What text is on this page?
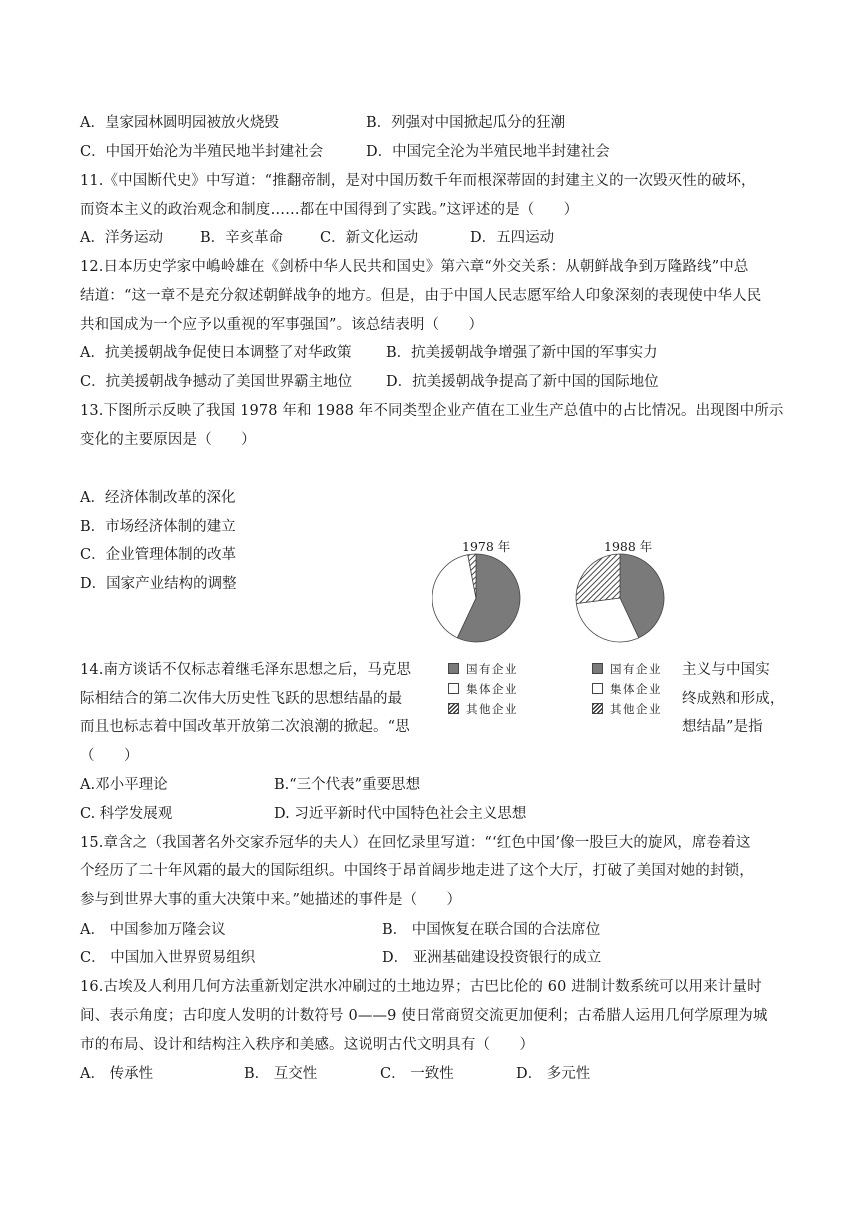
A．皇家园林圆明园被放火烧毁	B．列强对中国掀起瓜分的狂潮
C．中国开始沦为半殖民地半封建社会	D．中国完全沦为半殖民地半封建社会
11.《中国断代史》中写道：“推翻帝制，是对中国历数千年而根深蒂固的封建主义的一次毁灭性的破坏，
而资本主义的政治观念和制度……都在中国得到了实践。”这评述的是（　　）
A．洋务运动	B．辛亥革命	C．新文化运动	D．五四运动
12.日本历史学家中嶋岭雄在《剑桥中华人民共和国史》第六章“外交关系：从朝鲜战争到万隆路线”中总
结道：“这一章不是充分叙述朝鲜战争的地方。但是，由于中国人民志愿军给人印象深刻的表现使中华人民
共和国成为一个应予以重视的军事强国”。该总结表明（　　）
A．抗美援朝战争促使日本调整了对华政策 B．抗美援朝战争增强了新中国的军事实力
C．抗美援朝战争撼动了美国世界霸主地位 D．抗美援朝战争提高了新中国的国际地位
13.下图所示反映了我国 1978 年和 1988 年不同类型企业产值在工业生产总值中的占比情况。出现图中所示
变化的主要原因是（　　）
A．经济体制改革的深化
B．市场经济体制的建立
C．企业管理体制的改革
D．国家产业结构的调整
1978 年	1988 年
国有企业
集体企业
其他企业
国有企业
集体企业
其他企业
14.南方谈话不仅标志着继毛泽东思想之后，马克思	主义与中国实
际相结合的第二次伟大历史性飞跃的思想结晶的最	终成熟和形成，
而且也标志着中国改革开放第二次浪潮的掀起。“思	想结晶”是指
（　　）
A.邓小平理论	B.“三个代表”重要思想
C. 科学发展观	D. 习近平新时代中国特色社会主义思想
15.章含之（我国著名外交家乔冠华的夫人）在回忆录里写道：“‘红色中国’像一股巨大的旋风，席卷着这
个经历了二十年风霜的最大的国际组织。中国终于昂首阔步地走进了这个大厅，打破了美国对她的封锁，
参与到世界大事的重大决策中来。”她描述的事件是（　　）
A． 中国参加万隆会议	B． 中国恢复在联合国的合法席位
C． 中国加入世界贸易组织	D． 亚洲基础建设投资银行的成立
16.古埃及人利用几何方法重新划定洪水冲刷过的土地边界；古巴比伦的 60 进制计数系统可以用来计量时
间、表示角度；古印度人发明的计数符号 0——9 使日常商贸交流更加便利；古希腊人运用几何学原理为城
市的布局、设计和结构注入秩序和美感。这说明古代文明具有（　　）
A． 传承性	B． 互交性	C． 一致性	D． 多元性
